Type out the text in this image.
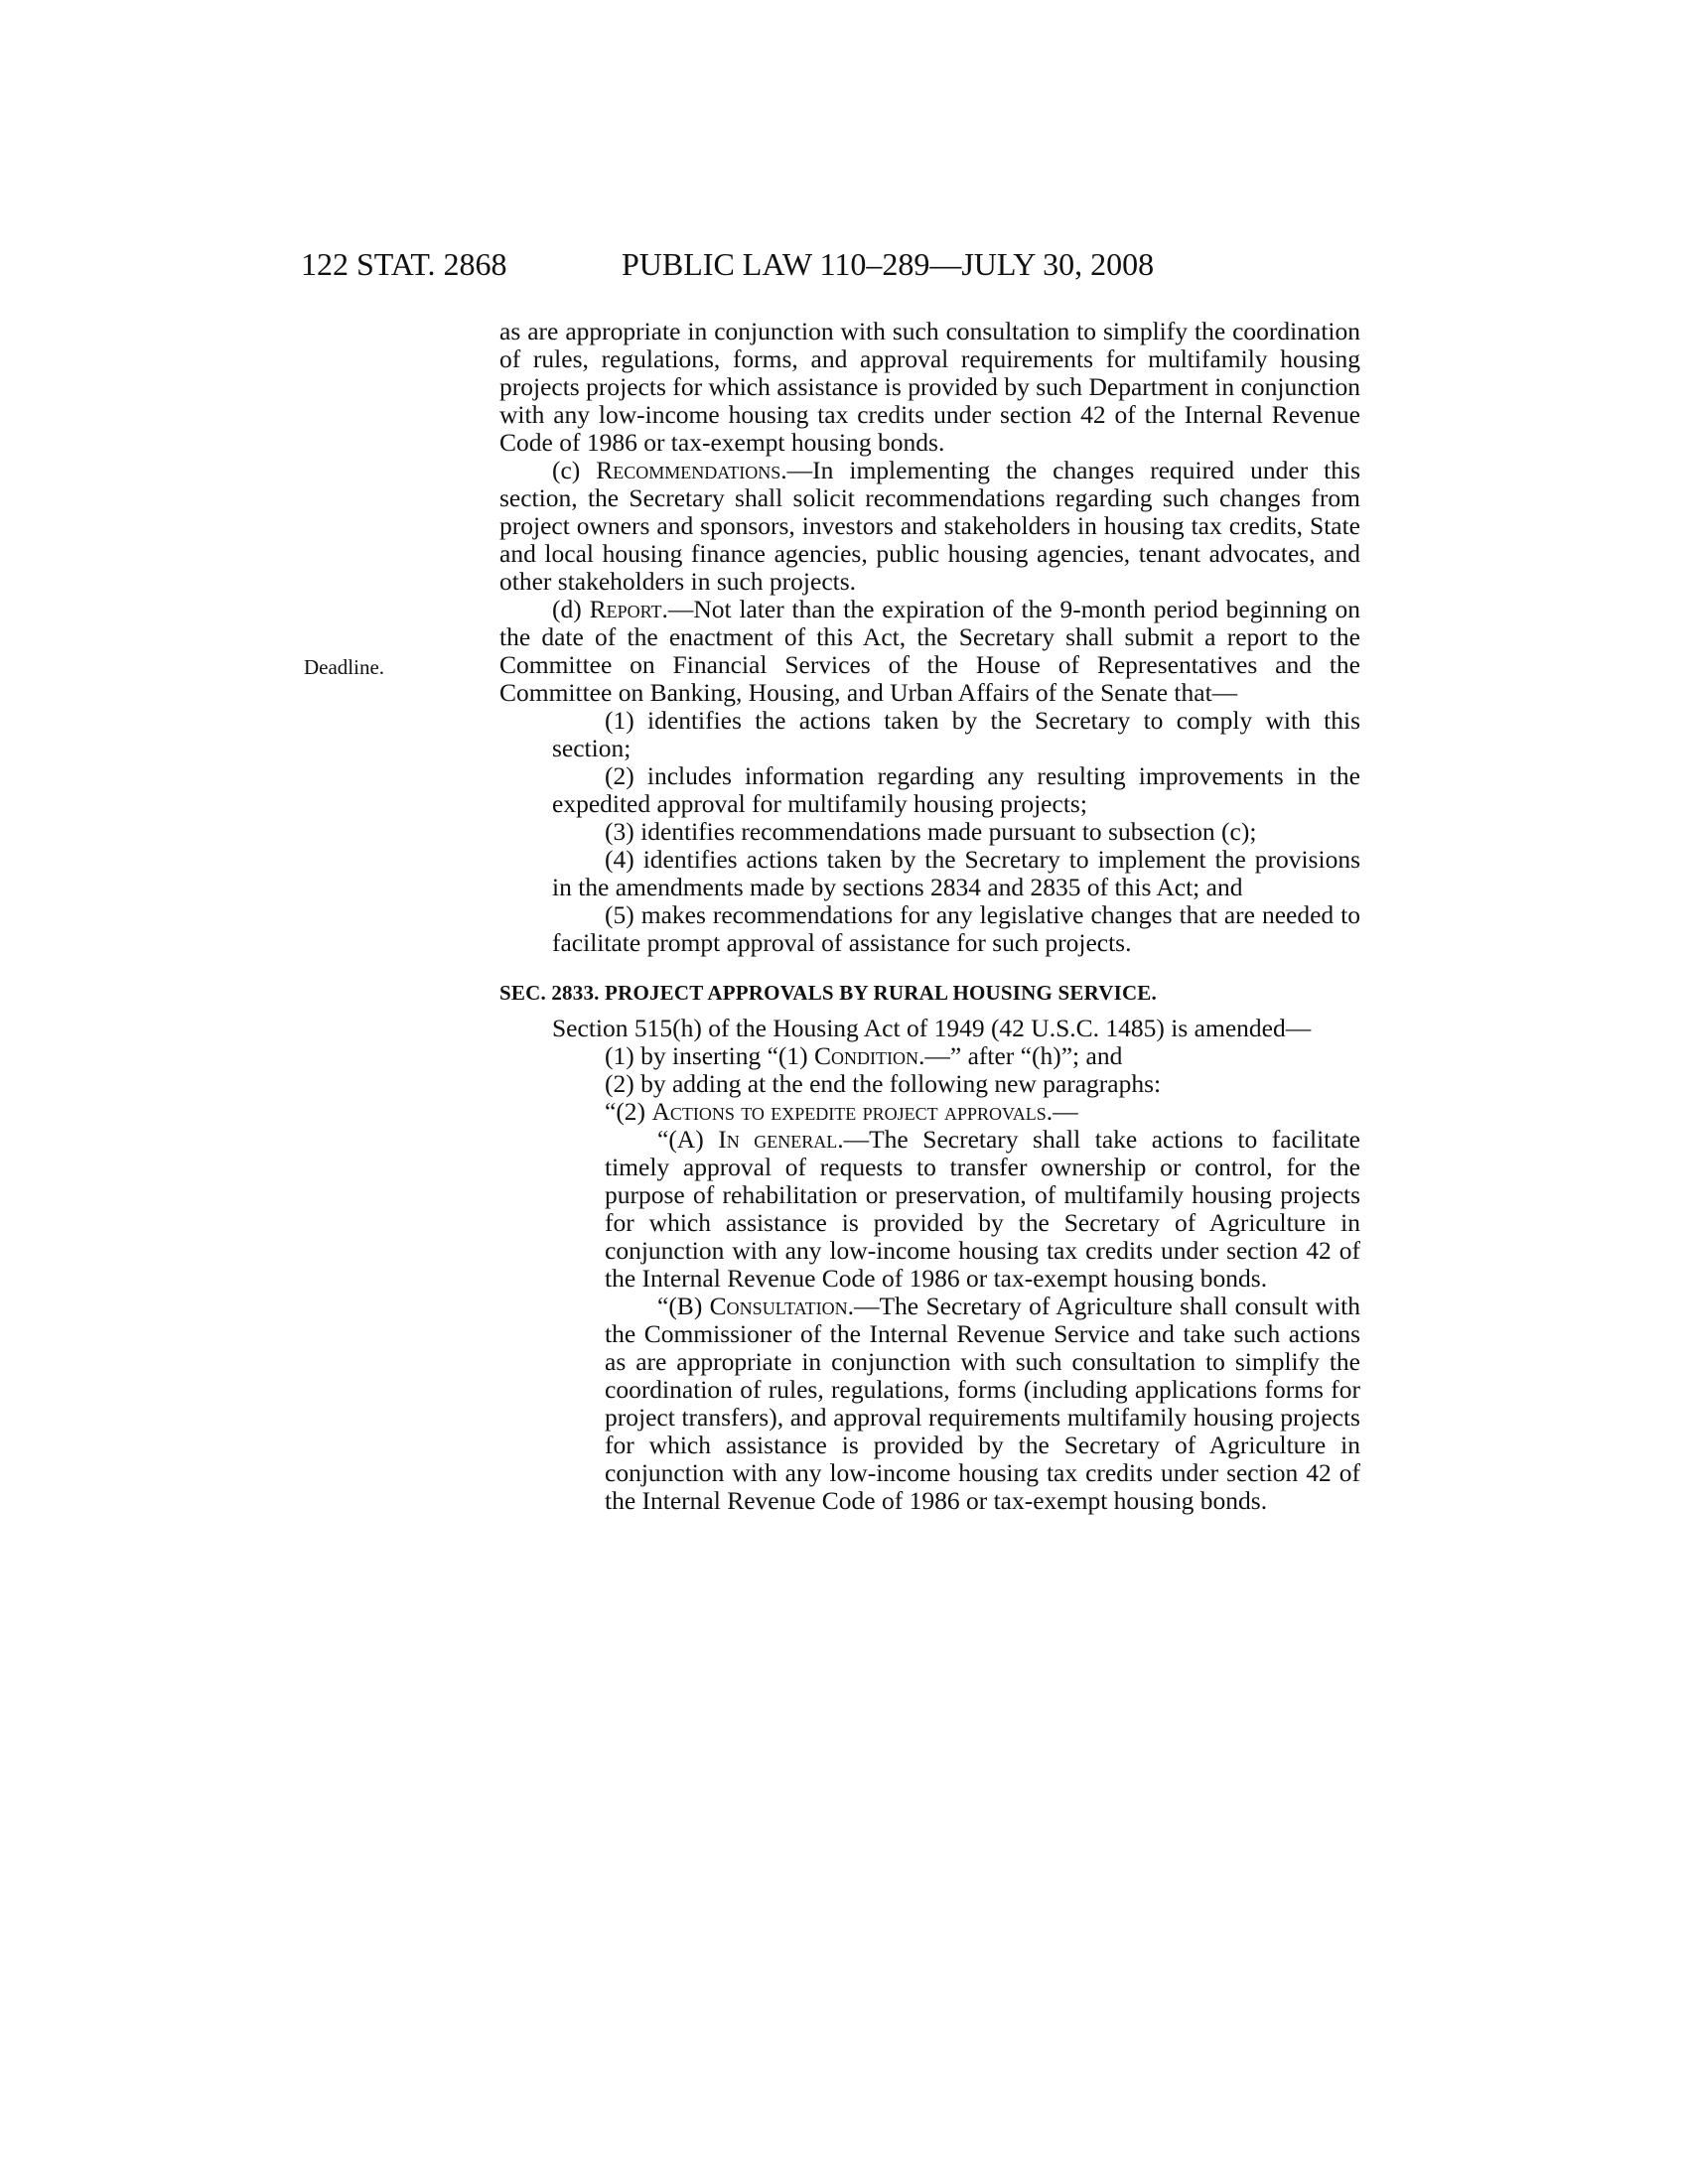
122 STAT. 2868	PUBLIC LAW 110–289—JULY 30, 2008
Deadline.

as are appropriate in conjunction with such consultation to simplify the coordination of rules, regulations, forms, and approval requirements for multifamily housing projects projects for which assistance is provided by such Department in conjunction with any low-income housing tax credits under section 42 of the Internal Revenue Code of 1986 or tax-exempt housing bonds.

(c) Recommendations.—In implementing the changes required under this section, the Secretary shall solicit recommendations regarding such changes from project owners and sponsors, investors and stakeholders in housing tax credits, State and local housing finance agencies, public housing agencies, tenant advocates, and other stakeholders in such projects.

(d) Report.—Not later than the expiration of the 9-month period beginning on the date of the enactment of this Act, the Secretary shall submit a report to the Committee on Financial Services of the House of Representatives and the Committee on Banking, Housing, and Urban Affairs of the Senate that—

(1) identifies the actions taken by the Secretary to comply with this section;

(2) includes information regarding any resulting improvements in the expedited approval for multifamily housing projects;

(3) identifies recommendations made pursuant to subsection (c);

(4) identifies actions taken by the Secretary to implement the provisions in the amendments made by sections 2834 and 2835 of this Act; and

(5) makes recommendations for any legislative changes that are needed to facilitate prompt approval of assistance for such projects.

SEC. 2833. PROJECT APPROVALS BY RURAL HOUSING SERVICE.

Section 515(h) of the Housing Act of 1949 (42 U.S.C. 1485) is amended—

(1) by inserting “(1) Condition.—” after “(h)”; and

(2) by adding at the end the following new paragraphs:

“(2) Actions to expedite project approvals.—

“(A) In general.—The Secretary shall take actions to facilitate timely approval of requests to transfer ownership or control, for the purpose of rehabilitation or preservation, of multifamily housing projects for which assistance is provided by the Secretary of Agriculture in conjunction with any low-income housing tax credits under section 42 of the Internal Revenue Code of 1986 or tax-exempt housing bonds.

“(B) Consultation.—The Secretary of Agriculture shall consult with the Commissioner of the Internal Revenue Service and take such actions as are appropriate in conjunction with such consultation to simplify the coordination of rules, regulations, forms (including applications forms for project transfers), and approval requirements multifamily housing projects for which assistance is provided by the Secretary of Agriculture in conjunction with any low-income housing tax credits under section 42 of the Internal Revenue Code of 1986 or tax-exempt housing bonds.
